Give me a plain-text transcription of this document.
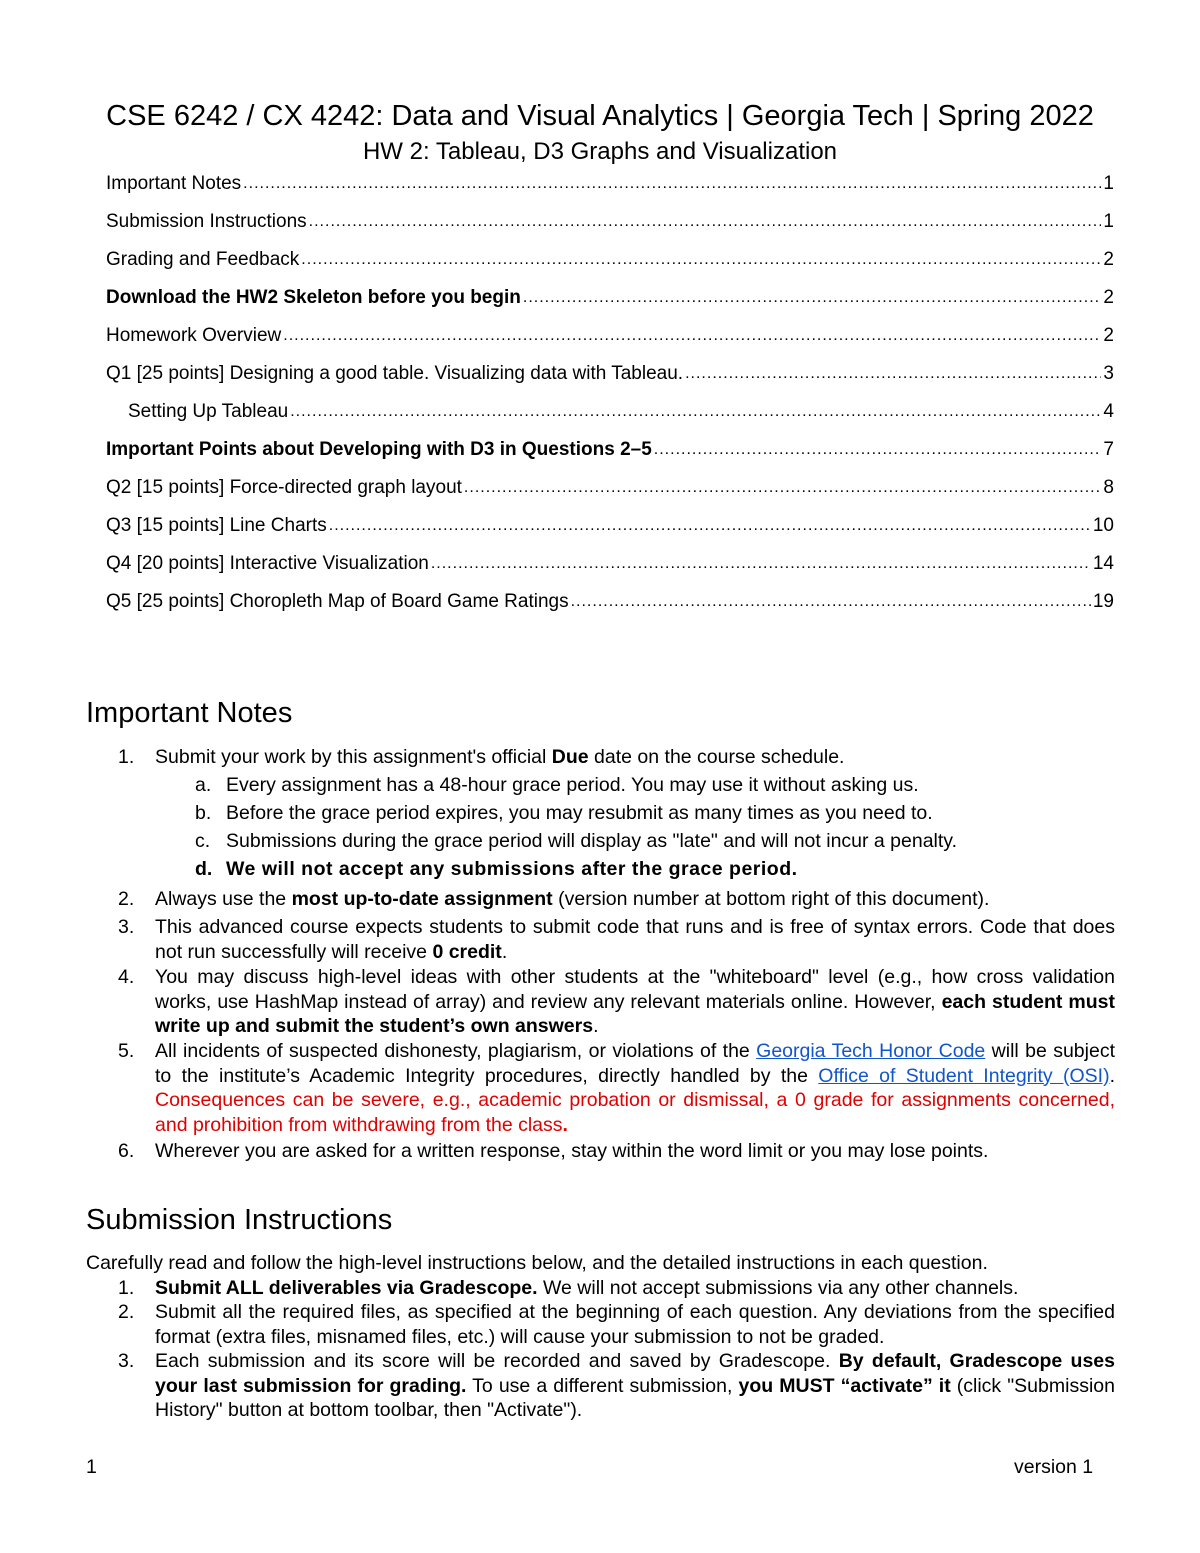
CSE 6242 / CX 4242: Data and Visual Analytics | Georgia Tech | Spring 2022
HW 2: Tableau, D3 Graphs and Visualization
Important Notes .....	1
Submission Instructions .....	1
Grading and Feedback .....	2
Download the HW2 Skeleton before you begin .....	2
Homework Overview .....	2
Q1 [25 points] Designing a good table. Visualizing data with Tableau. .....	3
Setting Up Tableau .....	4
Important Points about Developing with D3 in Questions 2–5 .....	7
Q2 [15 points] Force-directed graph layout .....	8
Q3 [15 points] Line Charts .....	10
Q4 [20 points] Interactive Visualization .....	14
Q5 [25 points] Choropleth Map of Board Game Ratings .....	19
Important Notes
1.	Submit your work by this assignment's official Due date on the course schedule.
a. Every assignment has a 48-hour grace period. You may use it without asking us.
b. Before the grace period expires, you may resubmit as many times as you need to.
c. Submissions during the grace period will display as "late" and will not incur a penalty.
d. We will not accept any submissions after the grace period.
2.	Always use the most up-to-date assignment (version number at bottom right of this document).
3.	This advanced course expects students to submit code that runs and is free of syntax errors. Code that does not run successfully will receive 0 credit.
4.	You may discuss high-level ideas with other students at the "whiteboard" level (e.g., how cross validation works, use HashMap instead of array) and review any relevant materials online. However, each student must write up and submit the student’s own answers.
5.	All incidents of suspected dishonesty, plagiarism, or violations of the Georgia Tech Honor Code will be subject to the institute’s Academic Integrity procedures, directly handled by the Office of Student Integrity (OSI). Consequences can be severe, e.g., academic probation or dismissal, a 0 grade for assignments concerned, and prohibition from withdrawing from the class.
6.	Wherever you are asked for a written response, stay within the word limit or you may lose points.
Submission Instructions
Carefully read and follow the high-level instructions below, and the detailed instructions in each question.
1.	Submit ALL deliverables via Gradescope. We will not accept submissions via any other channels.
2.	Submit all the required files, as specified at the beginning of each question. Any deviations from the specified format (extra files, misnamed files, etc.) will cause your submission to not be graded.
3.	Each submission and its score will be recorded and saved by Gradescope. By default, Gradescope uses your last submission for grading. To use a different submission, you MUST “activate” it (click "Submission History" button at bottom toolbar, then "Activate").
1	version 1
